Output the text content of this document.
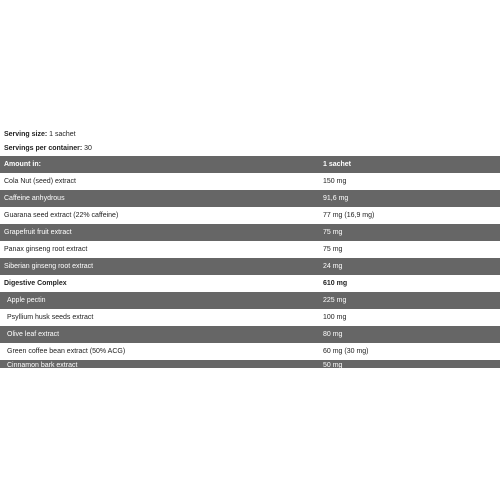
Serving size: 1 sachet
Servings per container: 30
Amount in:	1 sachet
Cola Nut (seed) extract	150 mg
Caffeine anhydrous	91,6 mg
Guarana seed extract (22% caffeine)	77 mg (16,9 mg)
Grapefruit fruit extract	75 mg
Panax ginseng root extract	75 mg
Siberian ginseng root extract	24 mg
Digestive Complex	610 mg
Apple pectin	225 mg
Psyllium husk seeds extract	100 mg
Olive leaf extract	80 mg
Green coffee bean extract (50% ACG)	60 mg (30 mg)
Cinnamon bark extract	50 mg
